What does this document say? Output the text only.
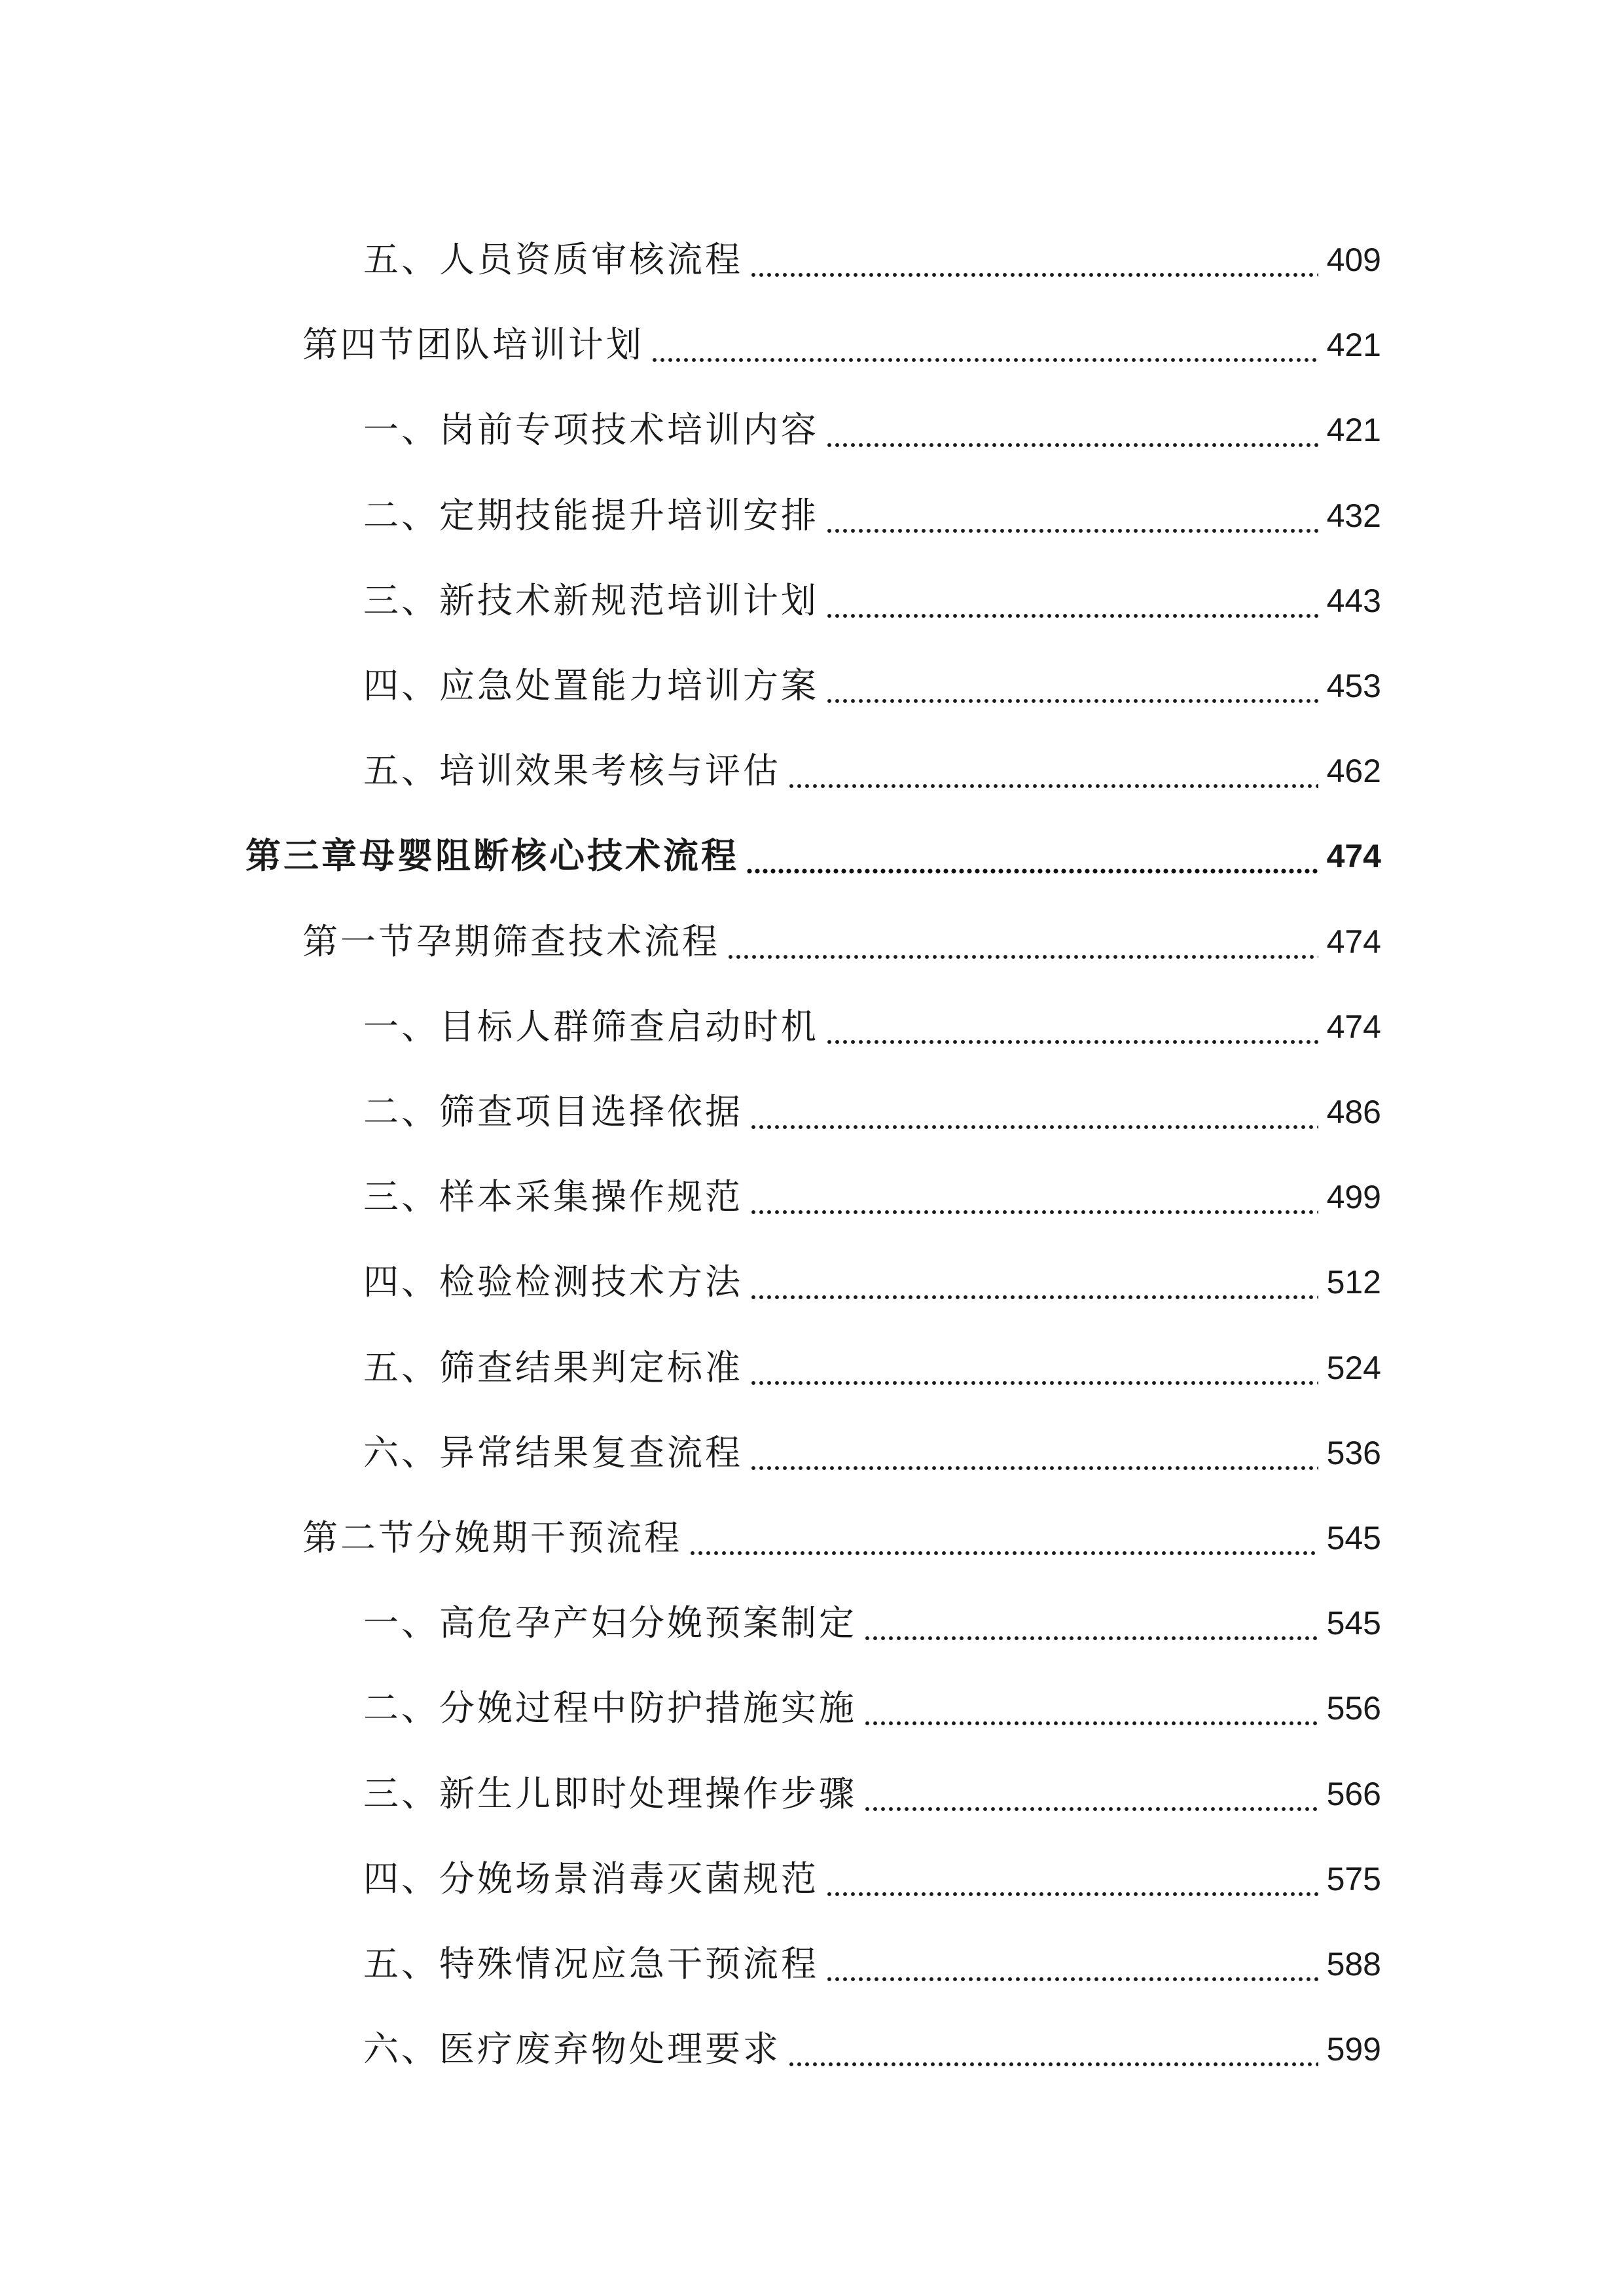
五、人员资质审核流程	409
第四节团队培训计划	421
一、岗前专项技术培训内容	421
二、定期技能提升培训安排	432
三、新技术新规范培训计划	443
四、应急处置能力培训方案	453
五、培训效果考核与评估	462
第三章母婴阻断核心技术流程	474
第一节孕期筛查技术流程	474
一、目标人群筛查启动时机	474
二、筛查项目选择依据	486
三、样本采集操作规范	499
四、检验检测技术方法	512
五、筛查结果判定标准	524
六、异常结果复查流程	536
第二节分娩期干预流程	545
一、高危孕产妇分娩预案制定	545
二、分娩过程中防护措施实施	556
三、新生儿即时处理操作步骤	566
四、分娩场景消毒灭菌规范	575
五、特殊情况应急干预流程	588
六、医疗废弃物处理要求	599
